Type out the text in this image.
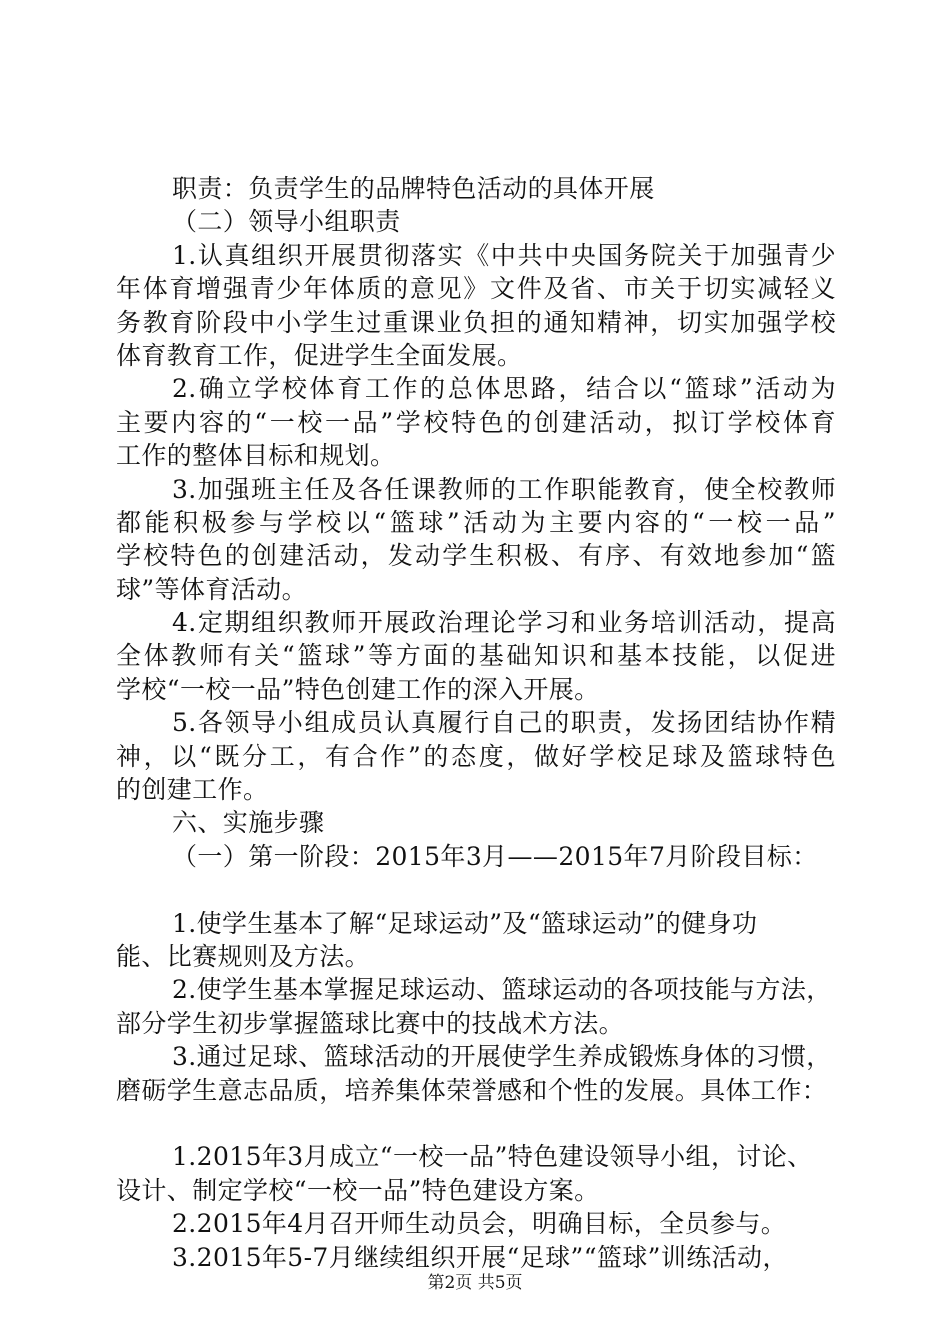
职责：负责学生的品牌特色活动的具体开展
（二）领导小组职责
1.认真组织开展贯彻落实《中共中央国务院关于加强青少
年体育增强青少年体质的意见》文件及省、市关于切实减轻义
务教育阶段中小学生过重课业负担的通知精神，切实加强学校
体育教育工作，促进学生全面发展。
2.确立学校体育工作的总体思路，结合以“篮球”活动为
主要内容的“一校一品”学校特色的创建活动，拟订学校体育
工作的整体目标和规划。
3.加强班主任及各任课教师的工作职能教育，使全校教师
都能积极参与学校以“篮球”活动为主要内容的“一校一品”
学校特色的创建活动，发动学生积极、有序、有效地参加“篮
球”等体育活动。
4.定期组织教师开展政治理论学习和业务培训活动，提高
全体教师有关“篮球”等方面的基础知识和基本技能，以促进
学校“一校一品”特色创建工作的深入开展。
5.各领导小组成员认真履行自己的职责，发扬团结协作精
神，以“既分工，有合作”的态度，做好学校足球及篮球特色
的创建工作。
六、实施步骤
（一）第一阶段：2015年3月——2015年7月阶段目标：
1.使学生基本了解“足球运动”及“篮球运动”的健身功
能、比赛规则及方法。
2.使学生基本掌握足球运动、篮球运动的各项技能与方法，
部分学生初步掌握篮球比赛中的技战术方法。
3.通过足球、篮球活动的开展使学生养成锻炼身体的习惯，
磨砺学生意志品质，培养集体荣誉感和个性的发展。具体工作：
1.2015年3月成立“一校一品”特色建设领导小组，讨论、
设计、制定学校“一校一品”特色建设方案。
2.2015年4月召开师生动员会，明确目标，全员参与。
3.2015年5-7月继续组织开展“足球”“篮球”训练活动，
第2页 共5页
